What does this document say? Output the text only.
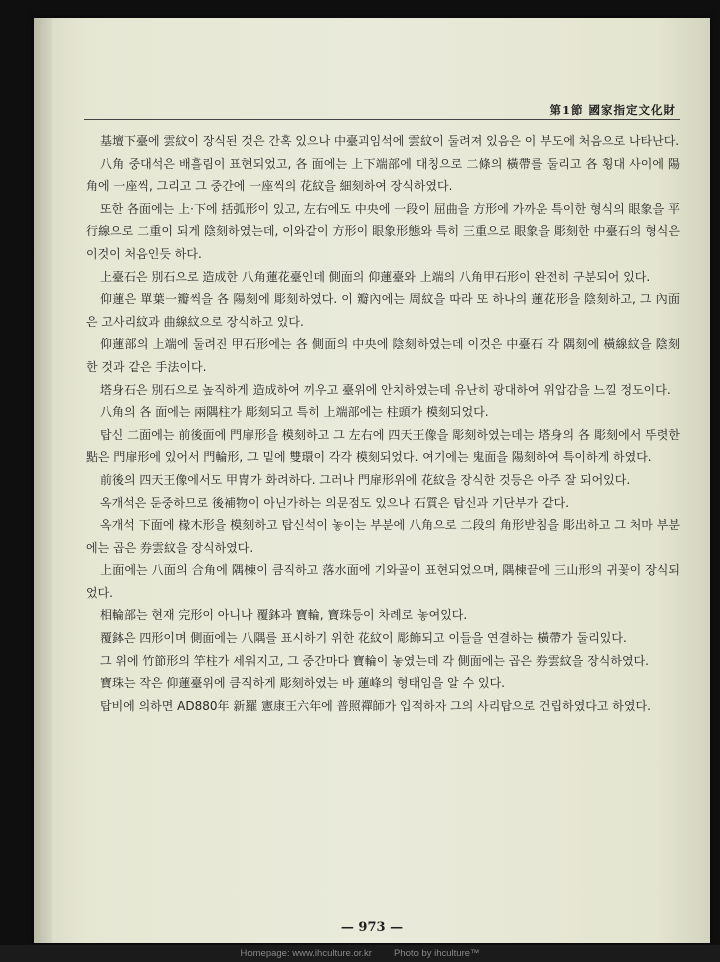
第1節 國家指定文化財

基壇下臺에 雲紋이 장식된 것은 간혹 있으나 中臺괴임석에 雲紋이 둘려져 있음은 이 부도에 처음으로 나타난다.

八角 중대석은 배흘림이 표현되었고, 各 面에는 上下端部에 대칭으로 二條의 橫帶를 둘리고 各 횡대 사이에 陽角에 一座씩, 그리고 그 중간에 一座씩의 花紋을 細刻하여 장식하였다.

또한 各面에는 上·下에 括弧形이 있고, 左右에도 中央에 一段이 屈曲을 方形에 가까운 특이한 형식의 眼象을 平行線으로 二重이 되게 陰刻하였는데, 이와같이 方形이 眼象形態와 특히 三重으로 眼象을 彫刻한 中臺石의 형식은 이것이 처음인듯 하다.

上臺石은 別石으로 造成한 八角蓮花臺인데 側面의 仰蓮臺와 上端의 八角甲石形이 완전히 구분되어 있다.

仰蓮은 單葉一瓣씩을 各 陽刻에 彫刻하였다. 이 瓣內에는 周紋을 따라 또 하나의 蓮花形을 陰刻하고, 그 內面은 고사리紋과 曲線紋으로 장식하고 있다.

仰蓮部의 上端에 둘려진 甲石形에는 各 側面의 中央에 陰刻하였는데 이것은 中臺石 각 隅刻에 橫線紋을 陰刻한 것과 같은 手法이다.

塔身石은 別石으로 높직하게 造成하여 끼우고 臺위에 안치하였는데 유난히 광대하여 위압감을 느낄 정도이다.

八角의 各 面에는 兩隅柱가 彫刻되고 특히 上端部에는 柱頭가 模刻되었다.

탑신 二面에는 前後面에 門扉形을 模刻하고 그 左右에 四天王像을 彫刻하였는데는 塔身의 各 彫刻에서 뚜렷한 點은 門扉形에 있어서 門輪形, 그 밑에 雙環이 각각 模刻되었다. 여기에는 鬼面을 陽刻하여 특이하게 하였다.

前後의 四天王像에서도 甲冑가 화려하다. 그러나 門扉形위에 花紋을 장식한 것등은 아주 잘 되어있다.

옥개석은 둔중하므로 後補物이 아닌가하는 의문점도 있으나 石質은 탑신과 기단부가 같다.

옥개석 下面에 椽木形을 模刻하고 탑신석이 놓이는 부분에 八角으로 二段의 角形받침을 彫出하고 그 처마 부분에는 곱은 券雲紋을 장식하였다.

上面에는 八面의 合角에 隅棟이 큼직하고 落水面에 기와골이 표현되었으며, 隅棟끝에 三山形의 귀꽃이 장식되었다.

相輪部는 현재 完形이 아니나 覆鉢과 寶輪, 寶珠등이 차례로 놓여있다.

覆鉢은 四形이며 側面에는 八隅를 표시하기 위한 花紋이 彫飾되고 이들을 연결하는 橫帶가 둘리있다.

그 위에 竹節形의 竿柱가 세워지고, 그 중간마다 寶輪이 놓였는데 각 側面에는 곱은 券雲紋을 장식하였다.

寶珠는 작은 仰蓮臺위에 큼직하게 彫刻하였는 바 蓮峰의 형태임을 알 수 있다.

탑비에 의하면 AD880年 新羅 憲康王六年에 普照禪師가 입적하자 그의 사리탑으로 건립하였다고 하였다.

— 973 —
Homepage: www.ihculture.or.kr Photo by ihculture™
